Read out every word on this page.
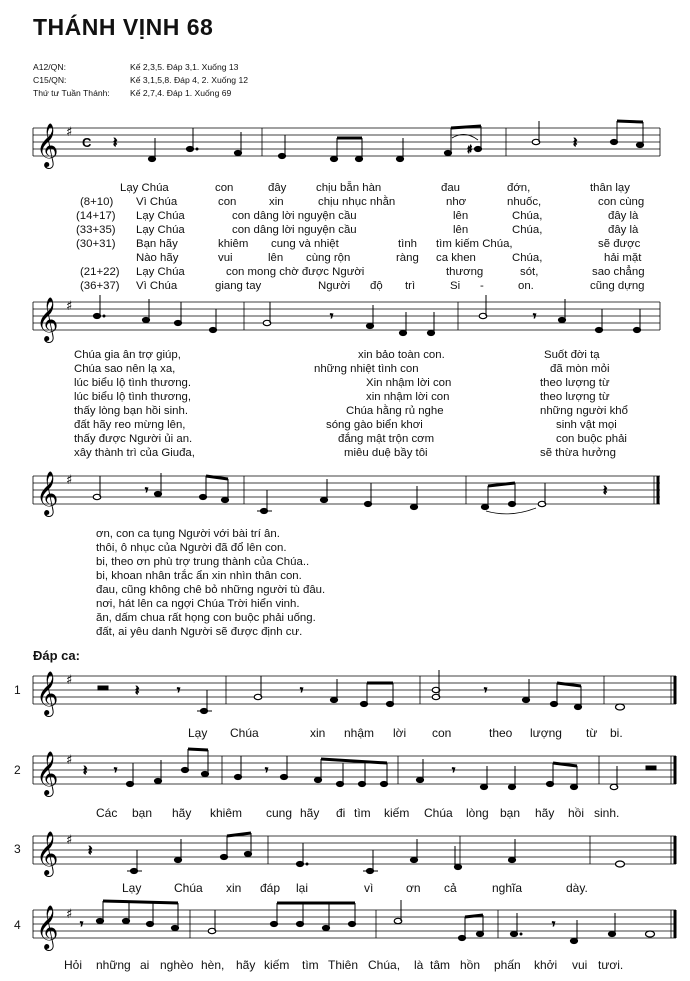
THÁNH VỊNH 68
A12/QN:	Kế 2,3,5. Đáp 3,1. Xuống 13
C15/QN:	Kế 3,1,5,8. Đáp 4, 2. Xuống 12
Thứ tư Tuần Thánh: Kế 2,7,4. Đáp 1. Xuống 69
𝄞 ♯
C 𝄽	♯	𝄽
Lạy Chúa	con	đây	chịu bẵn hàn	đau	đớn,	thân lạy
(8+10) Vì Chúa	con	xin	chịu nhục nhằn	nhơ	nhuốc,	con cùng
(14+17) Lạy Chúa	con dâng lời nguyện cầu	lên	Chúa,	đây là
(33+35) Lạy Chúa	con dâng lời nguyện cầu	lên	Chúa,	đây là
(30+31) Bạn hãy	khiêm cung và nhiệt	tình tìm kiếm Chúa,	sẽ được
Nào hãy	vui	lên cùng rộn	ràng ca khen	Chúa,	hải mặt
(21+22) Lạy Chúa	con mong chờ được Người	thương	sót,	sao chẳng
(36+37) Vì Chúa	giang tay	Người độ trì	Si -	on.	cũng dựng
𝄞 ♯
𝄾	𝄾
Chúa gia ân trợ giúp,	xin bảo toàn con.	Suốt đời tạ
Chúa sao nên lạ xa,	những nhiệt tình con	đã mòn mỏi
lúc biểu lộ tình thương.	Xin nhậm lời con	theo lượng từ
lúc biểu lộ tình thương,	xin nhậm lời con	theo lượng từ
thấy lòng bạn hồi sinh.	Chúa hằng rủ nghe	những người khổ
đất hãy reo mừng lên,	sóng gào biển khơi	sinh vật mọi
thấy được Người ủi an.	đắng mật trộn cơm	con buộc phải
xây thành trì của Giuđa,	miêu duệ bầy tôi	sẽ thừa hưởng
𝄞 ♯
𝄾	𝄽
ơn, con ca tụng Người với bài trí ân.
thôi, ô nhục của Người đã đổ lên con.
bi, theo ơn phù trợ trung thành của Chúa..
bi, khoan nhân trắc ẩn xin nhìn thân con.
đau, cũng không chê bỏ những người tù đâu.
nơi, hát lên ca ngợi Chúa Trời hiển vinh.
ăn, dấm chua rất họng con buộc phải uống.
đất, ai yêu danh Người sẽ được định cư.
Đáp ca:
1 𝄞 ♯
𝄽	𝄾	𝄾	𝄾
Lạy Chúa	xin nhậm lời con	theo lượng từ bi.
2 𝄞 ♯
𝄽 𝄾	𝄾	𝄾
Các bạn hãy khiêm cung hãy đi tìm kiếm Chúa lòng bạn hãy hồi sinh.
3 𝄞 ♯
𝄽
Lạy	Chúa xin đáp lại	vì	ơn cả	nghĩa	dày.
4 𝄞 ♯
𝄾	𝄾
Hỏi những ai nghèo hèn, hãy kiếm tìm Thiên Chúa, là tâm hồn phấn khởi vui tươi.
